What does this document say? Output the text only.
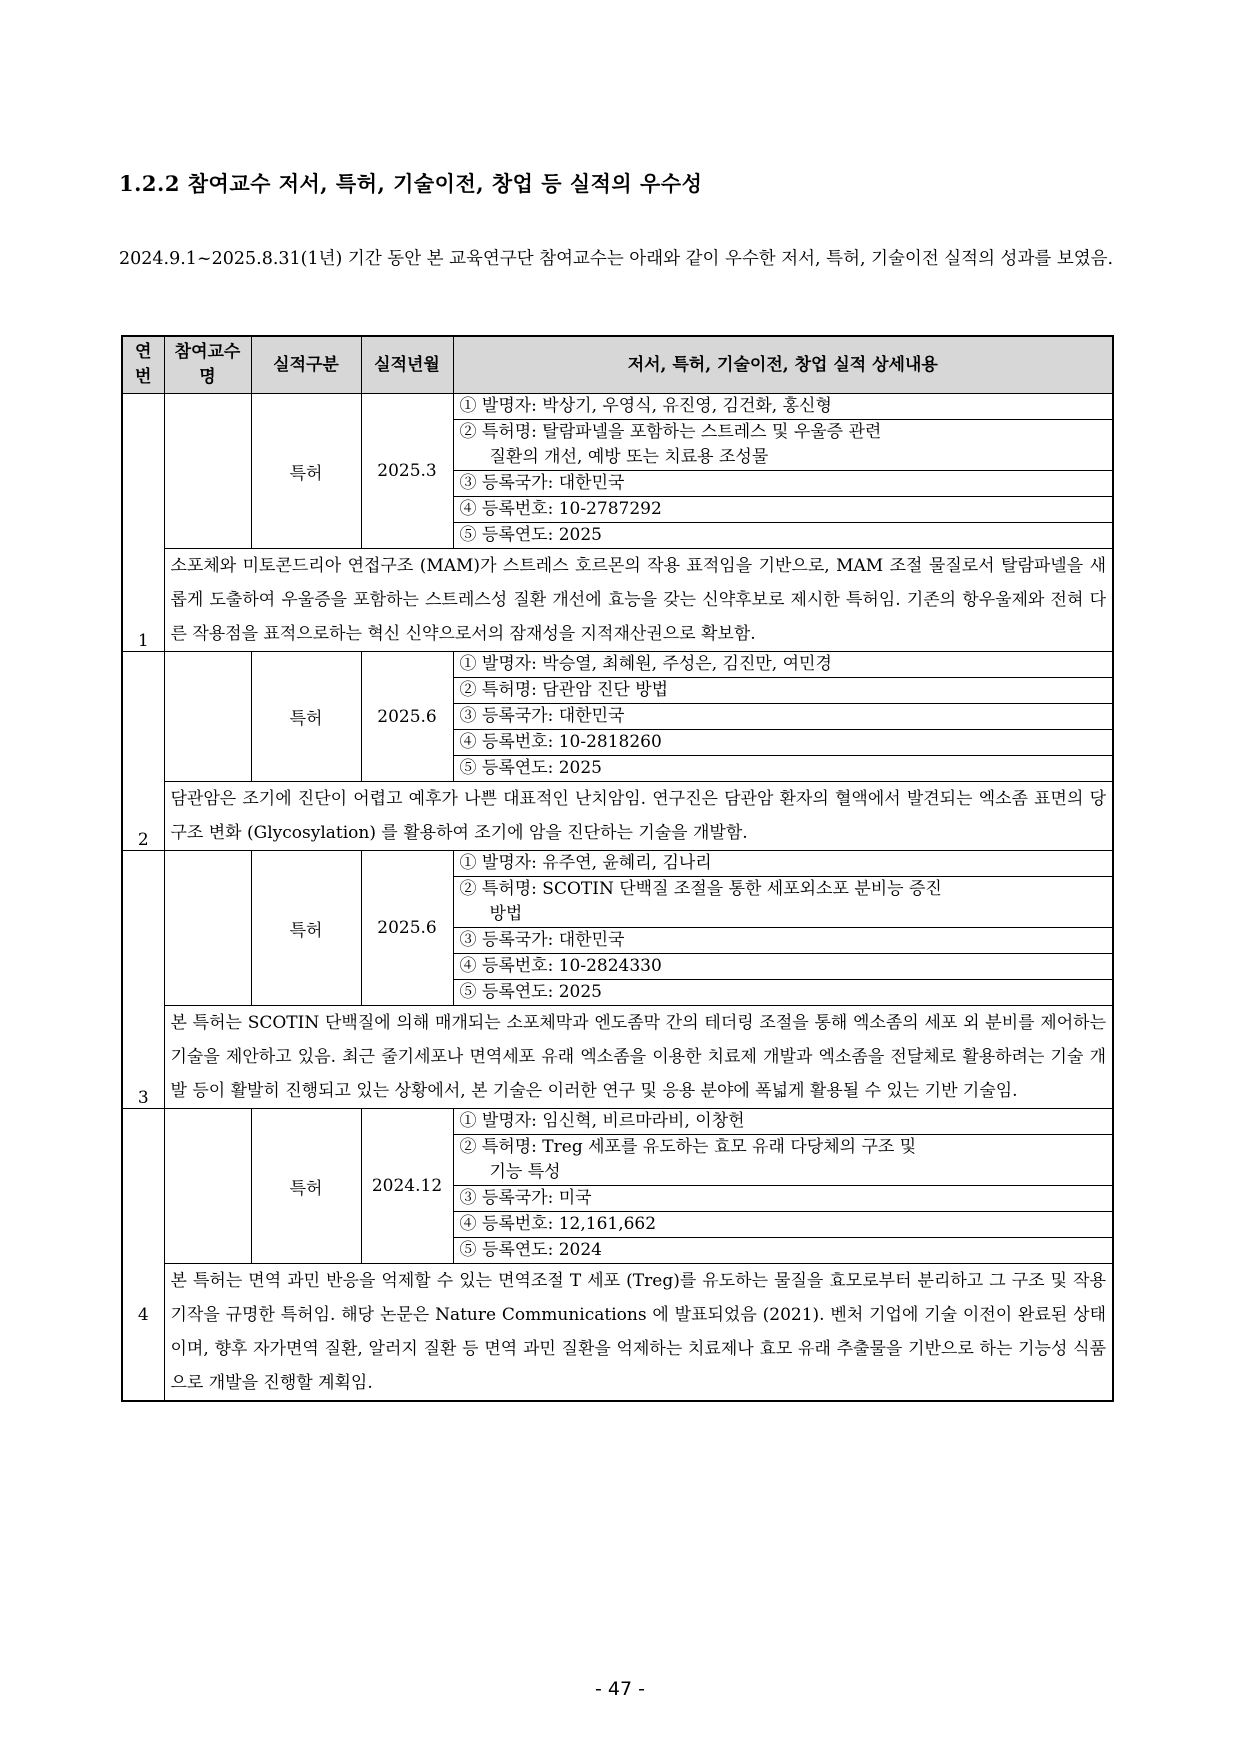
1.2.2 참여교수 저서, 특허, 기술이전, 창업 등 실적의 우수성

2024.9.1~2025.8.31(1년) 기간 동안 본 교육연구단 참여교수는 아래와 같이 우수한 저서, 특허, 기술이전 실적의 성과를 보였음.

연번	참여교수명	실적구분	실적년월	저서, 특허, 기술이전, 창업 실적 상세내용
1		특허	2025.3	① 발명자: 박상기, 우영식, 유진영, 김건화, 홍신형
				② 특허명: 탈람파넬을 포함하는 스트레스 및 우울증 관련

				질환의 개선, 예방 또는 치료용 조성물

				③ 등록국가: 대한민국
				④ 등록번호: 10-2787292
				⑤ 등록연도: 2025
	소포체와 미토콘드리아 연접구조 (MAM)가 스트레스 호르몬의 작용 표적임을 기반으로, MAM 조절 물질로서 탈람파넬을 새롭게 도출하여 우울증을 포함하는 스트레스성 질환 개선에 효능을 갖는 신약후보로 제시한 특허임. 기존의 항우울제와 전혀 다른 작용점을 표적으로하는 혁신 신약으로서의 잠재성을 지적재산권으로 확보함.			
2		특허	2025.6	① 발명자: 박승열, 최혜원, 주성은, 김진만, 여민경
				② 특허명: 담관암 진단 방법
				③ 등록국가: 대한민국
				④ 등록번호: 10-2818260
				⑤ 등록연도: 2025
	담관암은 조기에 진단이 어렵고 예후가 나쁜 대표적인 난치암임. 연구진은 담관암 환자의 혈액에서 발견되는 엑소좀 표면의 당구조 변화 (Glycosylation) 를 활용하여 조기에 암을 진단하는 기술을 개발함.			
3		특허	2025.6	① 발명자: 유주연, 윤혜리, 김나리
				② 특허명: SCOTIN 단백질 조절을 통한 세포외소포 분비능 증진

				방법

				③ 등록국가: 대한민국
				④ 등록번호: 10-2824330
				⑤ 등록연도: 2025
	본 특허는 SCOTIN 단백질에 의해 매개되는 소포체막과 엔도좀막 간의 테더링 조절을 통해 엑소좀의 세포 외 분비를 제어하는 기술을 제안하고 있음. 최근 줄기세포나 면역세포 유래 엑소좀을 이용한 치료제 개발과 엑소좀을 전달체로 활용하려는 기술 개발 등이 활발히 진행되고 있는 상황에서, 본 기술은 이러한 연구 및 응용 분야에 폭넓게 활용될 수 있는 기반 기술임.			
4		특허	2024.12	① 발명자: 임신혁, 비르마라비, 이창헌
				② 특허명: Treg 세포를 유도하는 효모 유래 다당체의 구조 및

				기능 특성

				③ 등록국가: 미국
				④ 등록번호: 12,161,662
				⑤ 등록연도: 2024
	본 특허는 면역 과민 반응을 억제할 수 있는 면역조절 T 세포 (Treg)를 유도하는 물질을 효모로부터 분리하고 그 구조 및 작용 기작을 규명한 특허임. 해당 논문은 Nature Communications 에 발표되었음 (2021). 벤처 기업에 기술 이전이 완료된 상태이며, 향후 자가면역 질환, 알러지 질환 등 면역 과민 질환을 억제하는 치료제나 효모 유래 추출물을 기반으로 하는 기능성 식품으로 개발을 진행할 계획임.			
- 47 -
